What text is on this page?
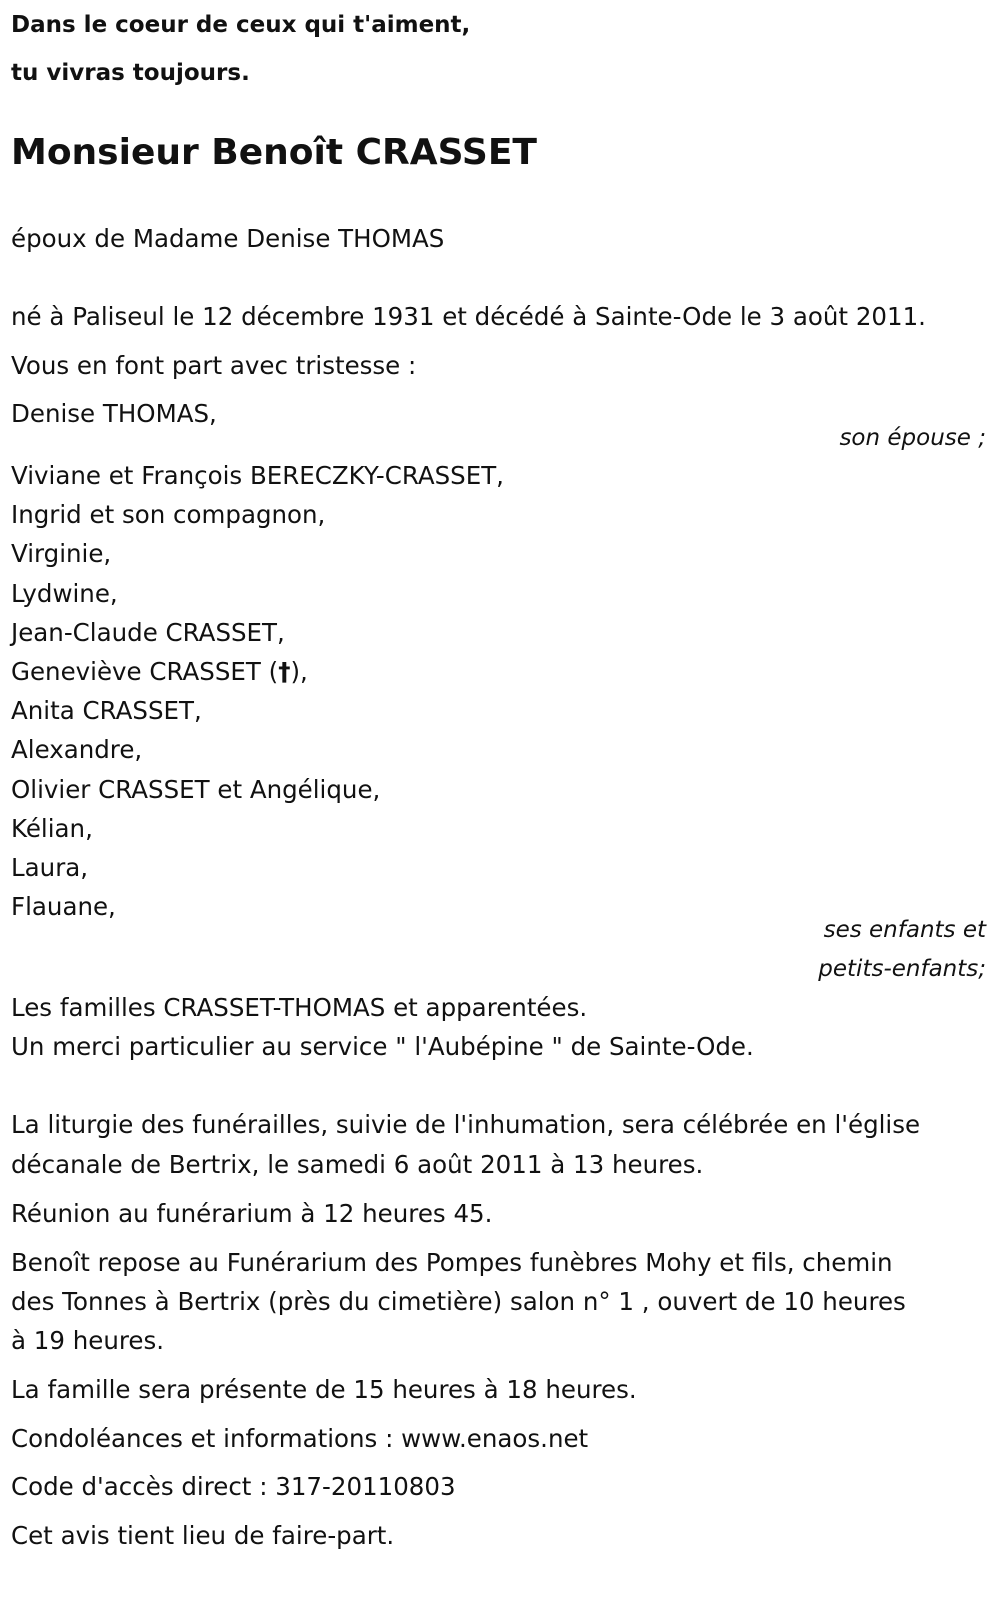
Dans le coeur de ceux qui t'aiment,
tu vivras toujours.
Monsieur Benoît CRASSET
époux de Madame Denise THOMAS
né à Paliseul le 12 décembre 1931 et décédé à Sainte-Ode le 3 août 2011.
Vous en font part avec tristesse :
Denise THOMAS,
son épouse ;
Viviane et François BERECZKY-CRASSET,
Ingrid et son compagnon,
Virginie,
Lydwine,
Jean-Claude CRASSET,
Geneviève CRASSET (†),
Anita CRASSET,
Alexandre,
Olivier CRASSET et Angélique,
Kélian,
Laura,
Flauane,
ses enfants et
petits-enfants;
Les familles CRASSET-THOMAS et apparentées.
Un merci particulier au service " l'Aubépine " de Sainte-Ode.
La liturgie des funérailles, suivie de l'inhumation, sera célébrée en l'église
décanale de Bertrix, le samedi 6 août 2011 à 13 heures.
Réunion au funérarium à 12 heures 45.
Benoît repose au Funérarium des Pompes funèbres Mohy et fils, chemin
des Tonnes à Bertrix (près du cimetière) salon n° 1 , ouvert de 10 heures
à 19 heures.
La famille sera présente de 15 heures à 18 heures.
Condoléances et informations : www.enaos.net
Code d'accès direct : 317-20110803
Cet avis tient lieu de faire-part.
